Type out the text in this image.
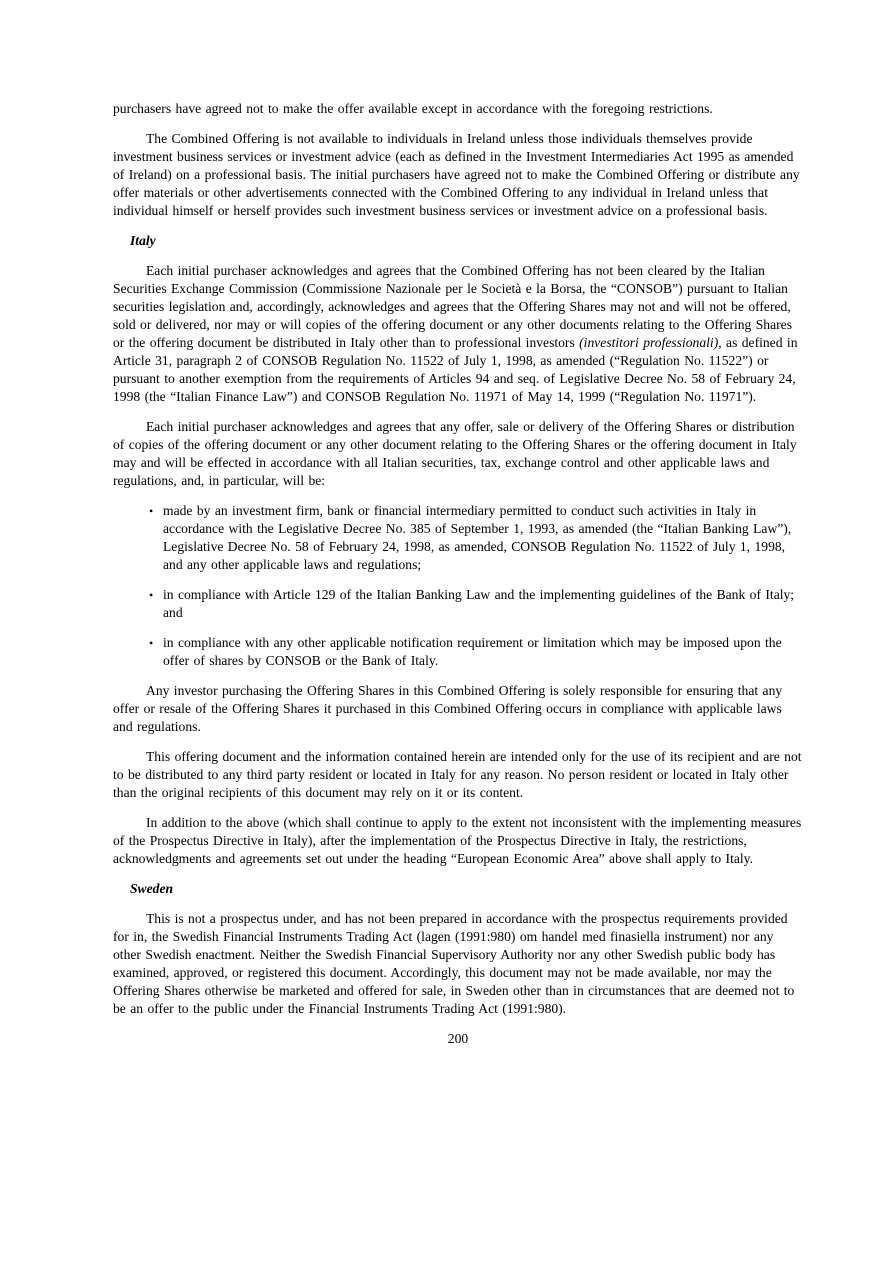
purchasers have agreed not to make the offer available except in accordance with the foregoing restrictions.

The Combined Offering is not available to individuals in Ireland unless those individuals themselves provide investment business services or investment advice (each as defined in the Investment Intermediaries Act 1995 as amended of Ireland) on a professional basis. The initial purchasers have agreed not to make the Combined Offering or distribute any offer materials or other advertisements connected with the Combined Offering to any individual in Ireland unless that individual himself or herself provides such investment business services or investment advice on a professional basis.

Italy

Each initial purchaser acknowledges and agrees that the Combined Offering has not been cleared by the Italian Securities Exchange Commission (Commissione Nazionale per le Società e la Borsa, the “CONSOB”) pursuant to Italian securities legislation and, accordingly, acknowledges and agrees that the Offering Shares may not and will not be offered, sold or delivered, nor may or will copies of the offering document or any other documents relating to the Offering Shares or the offering document be distributed in Italy other than to professional investors (investitori professionali), as defined in Article 31, paragraph 2 of CONSOB Regulation No. 11522 of July 1, 1998, as amended (“Regulation No. 11522”) or pursuant to another exemption from the requirements of Articles 94 and seq. of Legislative Decree No. 58 of February 24, 1998 (the “Italian Finance Law”) and CONSOB Regulation No. 11971 of May 14, 1999 (“Regulation No. 11971”).

Each initial purchaser acknowledges and agrees that any offer, sale or delivery of the Offering Shares or distribution of copies of the offering document or any other document relating to the Offering Shares or the offering document in Italy may and will be effected in accordance with all Italian securities, tax, exchange control and other applicable laws and regulations, and, in particular, will be:

• made by an investment firm, bank or financial intermediary permitted to conduct such activities in Italy in accordance with the Legislative Decree No. 385 of September 1, 1993, as amended (the “Italian Banking Law”), Legislative Decree No. 58 of February 24, 1998, as amended, CONSOB Regulation No. 11522 of July 1, 1998, and any other applicable laws and regulations;
• in compliance with Article 129 of the Italian Banking Law and the implementing guidelines of the Bank of Italy; and
• in compliance with any other applicable notification requirement or limitation which may be imposed upon the offer of shares by CONSOB or the Bank of Italy.

Any investor purchasing the Offering Shares in this Combined Offering is solely responsible for ensuring that any offer or resale of the Offering Shares it purchased in this Combined Offering occurs in compliance with applicable laws and regulations.

This offering document and the information contained herein are intended only for the use of its recipient and are not to be distributed to any third party resident or located in Italy for any reason. No person resident or located in Italy other than the original recipients of this document may rely on it or its content.

In addition to the above (which shall continue to apply to the extent not inconsistent with the implementing measures of the Prospectus Directive in Italy), after the implementation of the Prospectus Directive in Italy, the restrictions, acknowledgments and agreements set out under the heading “European Economic Area” above shall apply to Italy.

Sweden

This is not a prospectus under, and has not been prepared in accordance with the prospectus requirements provided for in, the Swedish Financial Instruments Trading Act (lagen (1991:980) om handel med finasiella instrument) nor any other Swedish enactment. Neither the Swedish Financial Supervisory Authority nor any other Swedish public body has examined, approved, or registered this document. Accordingly, this document may not be made available, nor may the Offering Shares otherwise be marketed and offered for sale, in Sweden other than in circumstances that are deemed not to be an offer to the public under the Financial Instruments Trading Act (1991:980).

200
